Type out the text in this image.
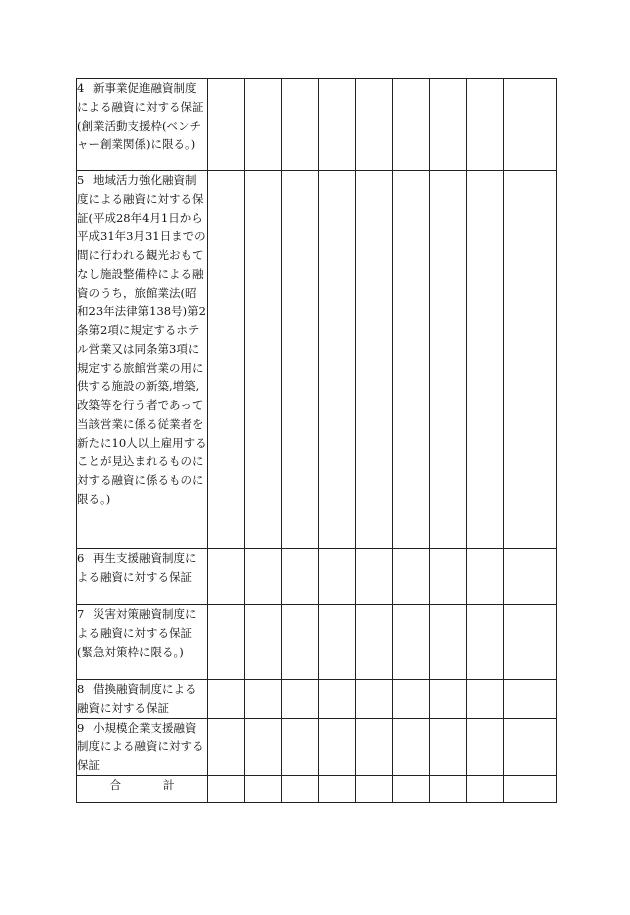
4 新事業促進融資制度による融資に対する保証(創業活動支援枠(ベンチャー創業関係)に限る。)									
5 地域活力強化融資制度による融資に対する保証(平成28年4月1日から平成31年3月31日までの間に行われる観光おもてなし施設整備枠による融資のうち，旅館業法(昭和23年法律第138号)第2条第2項に規定するホテル営業又は同条第3項に規定する旅館営業の用に供する施設の新築,増築,改築等を行う者であって当該営業に係る従業者を新たに10人以上雇用することが見込まれるものに対する融資に係るものに限る。)									
6 再生支援融資制度による融資に対する保証									
7 災害対策融資制度による融資に対する保証(緊急対策枠に限る。)									
8 借換融資制度による融資に対する保証									
9 小規模企業支援融資制度による融資に対する保証									
合 計									
